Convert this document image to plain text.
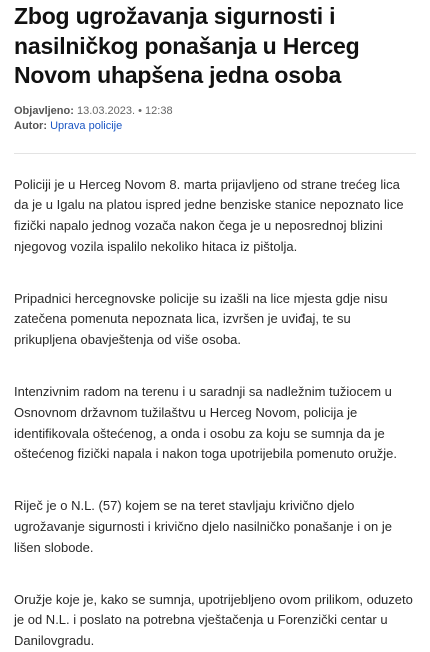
Zbog ugrožavanja sigurnosti i nasilničkog ponašanja u Herceg Novom uhapšena jedna osoba
Objavljeno: 13.03.2023. • 12:38
Autor: Uprava policije

Policiji je u Herceg Novom 8. marta prijavljeno od strane trećeg lica da je u Igalu na platou ispred jedne benziske stanice nepoznato lice fizički napalo jednog vozača nakon čega je u neposrednoj blizini njegovog vozila ispalilo nekoliko hitaca iz pištolja.

Pripadnici hercegnovske policije su izašli na lice mjesta gdje nisu zatečena pomenuta nepoznata lica, izvršen je uviđaj, te su prikupljena obavještenja od više osoba.

Intenzivnim radom na terenu i u saradnji sa nadležnim tužiocem u Osnovnom državnom tužilaštvu u Herceg Novom, policija je identifikovala oštećenog, a onda i osobu za koju se sumnja da je oštećenog fizički napala i nakon toga upotrijebila pomenuto oružje.

Riječ je o N.L. (57) kojem se na teret stavljaju krivično djelo ugrožavanje sigurnosti i krivično djelo nasilničko ponašanje i on je lišen slobode.

Oružje koje je, kako se sumnja, upotrijebljeno ovom prilikom, oduzeto je od N.L. i poslato na potrebna vještačenja u Forenzički centar u Danilovgradu.
